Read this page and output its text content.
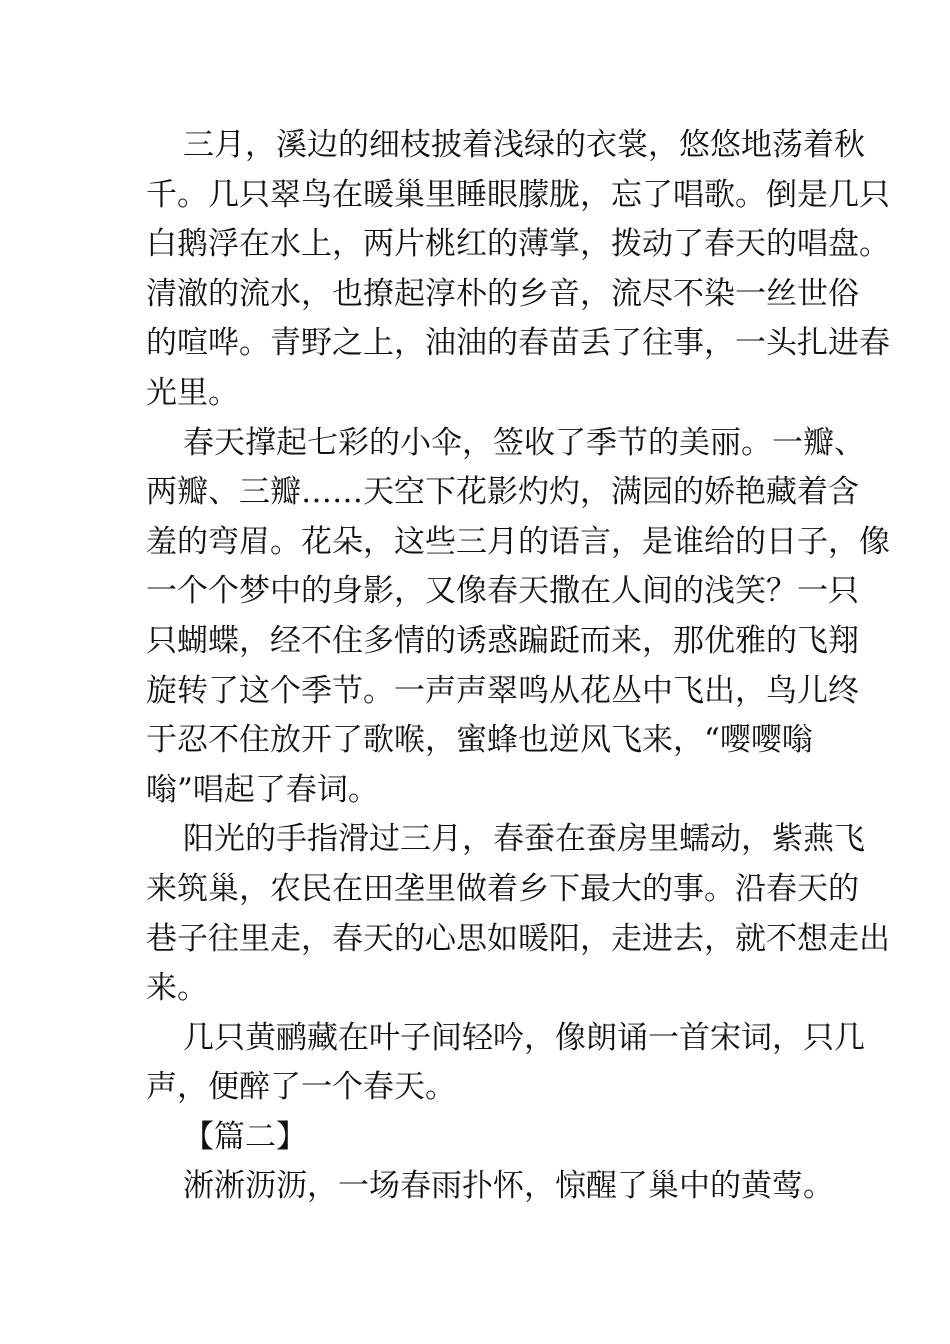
三月，溪边的细枝披着浅绿的衣裳，悠悠地荡着秋

千。几只翠鸟在暖巢里睡眼朦胧，忘了唱歌。倒是几只

白鹅浮在水上，两片桃红的薄掌，拨动了春天的唱盘。

清澈的流水，也撩起淳朴的乡音，流尽不染一丝世俗

的喧哗。青野之上，油油的春苗丢了往事，一头扎进春

光里。

春天撑起七彩的小伞，签收了季节的美丽。一瓣、

两瓣、三瓣……天空下花影灼灼，满园的娇艳藏着含

羞的弯眉。花朵，这些三月的语言，是谁给的日子，像

一个个梦中的身影，又像春天撒在人间的浅笑？一只

只蝴蝶，经不住多情的诱惑蹁跹而来，那优雅的飞翔

旋转了这个季节。一声声翠鸣从花丛中飞出，鸟儿终

于忍不住放开了歌喉，蜜蜂也逆风飞来，“嘤嘤嗡

嗡”唱起了春词。

阳光的手指滑过三月，春蚕在蚕房里蠕动，紫燕飞

来筑巢，农民在田垄里做着乡下最大的事。沿春天的

巷子往里走，春天的心思如暖阳，走进去，就不想走出

来。

几只黄鹂藏在叶子间轻吟，像朗诵一首宋词，只几

声，便醉了一个春天。

【篇二】

淅淅沥沥，一场春雨扑怀，惊醒了巢中的黄莺。
